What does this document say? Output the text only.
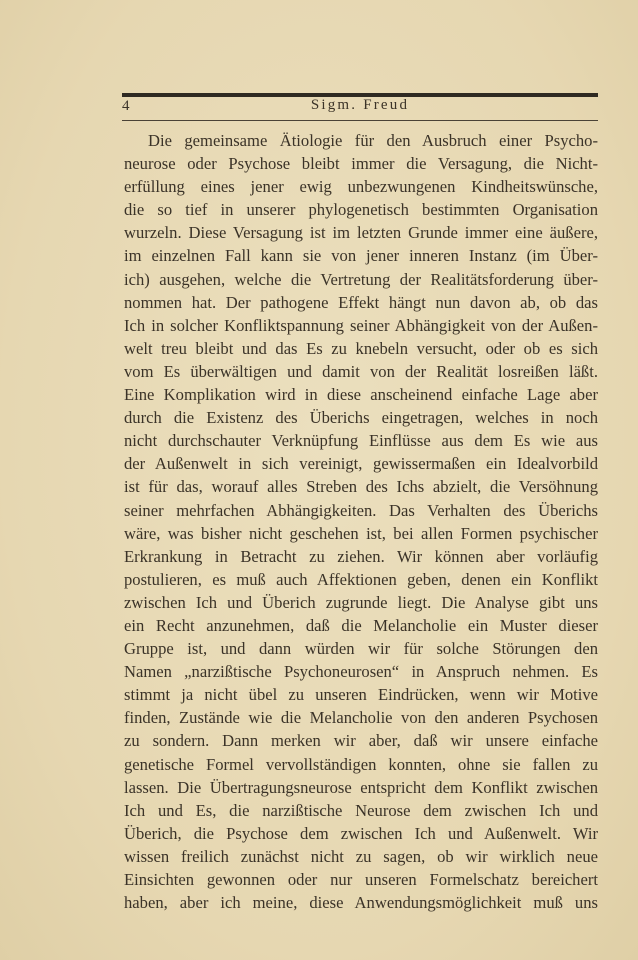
4	Sigm. Freud
Die gemeinsame Ätiologie für den Ausbruch einer Psycho-
neurose oder Psychose bleibt immer die Versagung, die Nicht-
erfüllung eines jener ewig unbezwungenen Kindheitswünsche,
die so tief in unserer phylogenetisch bestimmten Organisation
wurzeln. Diese Versagung ist im letzten Grunde immer eine äußere,
im einzelnen Fall kann sie von jener inneren Instanz (im Über-
ich) ausgehen, welche die Vertretung der Realitätsforderung über-
nommen hat. Der pathogene Effekt hängt nun davon ab, ob das
Ich in solcher Konfliktspannung seiner Abhängigkeit von der Außen-
welt treu bleibt und das Es zu knebeln versucht, oder ob es sich
vom Es überwältigen und damit von der Realität losreißen läßt.
Eine Komplikation wird in diese anscheinend einfache Lage aber
durch die Existenz des Überichs eingetragen, welches in noch
nicht durchschauter Verknüpfung Einflüsse aus dem Es wie aus
der Außenwelt in sich vereinigt, gewissermaßen ein Idealvorbild
ist für das, worauf alles Streben des Ichs abzielt, die Versöhnung
seiner mehrfachen Abhängigkeiten. Das Verhalten des Überichs
wäre, was bisher nicht geschehen ist, bei allen Formen psychischer
Erkrankung in Betracht zu ziehen. Wir können aber vorläufig
postulieren, es muß auch Affektionen geben, denen ein Konflikt
zwischen Ich und Überich zugrunde liegt. Die Analyse gibt uns
ein Recht anzunehmen, daß die Melancholie ein Muster dieser
Gruppe ist, und dann würden wir für solche Störungen den
Namen „narzißtische Psychoneurosen“ in Anspruch nehmen. Es
stimmt ja nicht übel zu unseren Eindrücken, wenn wir Motive
finden, Zustände wie die Melancholie von den anderen Psychosen
zu sondern. Dann merken wir aber, daß wir unsere einfache
genetische Formel vervollständigen konnten, ohne sie fallen zu
lassen. Die Übertragungsneurose entspricht dem Konflikt zwischen
Ich und Es, die narzißtische Neurose dem zwischen Ich und
Überich, die Psychose dem zwischen Ich und Außenwelt. Wir
wissen freilich zunächst nicht zu sagen, ob wir wirklich neue
Einsichten gewonnen oder nur unseren Formelschatz bereichert
haben, aber ich meine, diese Anwendungsmöglichkeit muß uns
